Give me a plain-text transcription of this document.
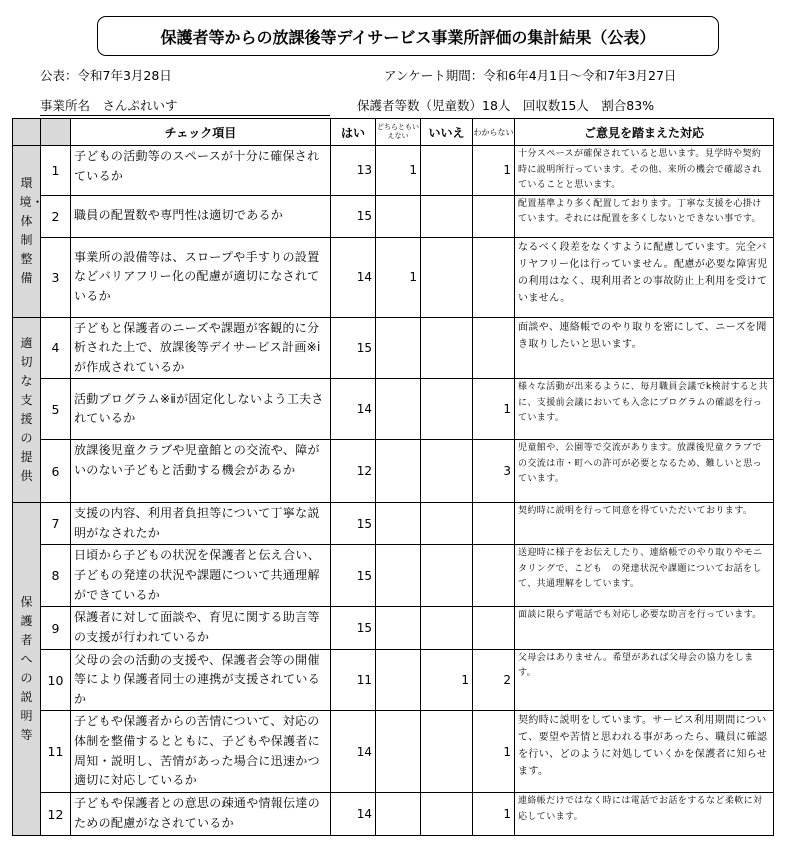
保護者等からの放課後等デイサービス事業所評価の集計結果（公表）
公表：令和7年3月28日	アンケート期間：令和6年4月1日～令和7年3月27日
事業所名　さんぷれいす	保護者等数（児童数）18人　回収数15人　割合83%
		チェック項目	はい	どちらともいえない	いいえ	わからない	ご意見を踏まえた対応

環境・体制整備	1	子どもの活動等のスペースが十分に確保されているか	13	1		1	十分スペースが確保されていると思います。見学時や契約時に説明所行っています。その他、来所の機会で確認されていることと思います。
	2	職員の配置数や専門性は適切であるか	15				配置基準より多く配置しております。丁寧な支援を心掛けています。それには配置を多くしないとできない事です。
	3	事業所の設備等は、スロープや手すりの設置などバリアフリー化の配慮が適切になされているか	14	1			なるべく段差をなくすように配慮しています。完全バリヤフリー化は行っていません。配慮が必要な障害児の利用はなく、現利用者との事故防止上利用を受けていません。

適切な支援の提供	4	子どもと保護者のニーズや課題が客観的に分析された上で、放課後等デイサービス計画※iが作成されているか	15				面談や、連絡帳でのやり取りを密にして、ニーズを聞き取りしたいと思います。
	5	活動プログラム※ⅱが固定化しないよう工夫されているか	14			1	様々な活動が出来るように、毎月職員会議でk検討すると共に、支援前会議においても入念にプログラムの確認を行っています。
	6	放課後児童クラブや児童館との交流や、障がいのない子どもと活動する機会があるか	12			3	児童館や、公園等で交流があります。放課後児童クラブでの交流は市・町への許可が必要となるため、難しいと思っています。

保護者への説明等	7	支援の内容、利用者負担等について丁寧な説明がなされたか	15				契約時に説明を行って同意を得ていただいております。
	8	日頃から子どもの状況を保護者と伝え合い、子どもの発達の状況や課題について共通理解ができているか	15				送迎時に様子をお伝えしたり、連絡帳でのやり取りやモニタリングで、こども　の発達状況や課題についてお話をして、共通理解をしています。
	9	保護者に対して面談や、育児に関する助言等の支援が行われているか	15				面談に限らず電話でも対応し必要な助言を行っています。
	10	父母の会の活動の支援や、保護者会等の開催等により保護者同士の連携が支援されているか	11		1	2	父母会はありません。希望があれば父母会の協力をします。
	11	子どもや保護者からの苦情について、対応の体制を整備するとともに、子どもや保護者に周知・説明し、苦情があった場合に迅速かつ適切に対応しているか	14			1	契約時に説明をしています。サービス利用期間について、要望や苦情と思われる事があったら、職員に確認を行い、どのように対処していくかを保護者に知らせます。
	12	子どもや保護者との意思の疎通や情報伝達のための配慮がなされているか	14			1	連絡帳だけではなく時には電話でお話をするなど柔軟に対応しています。
